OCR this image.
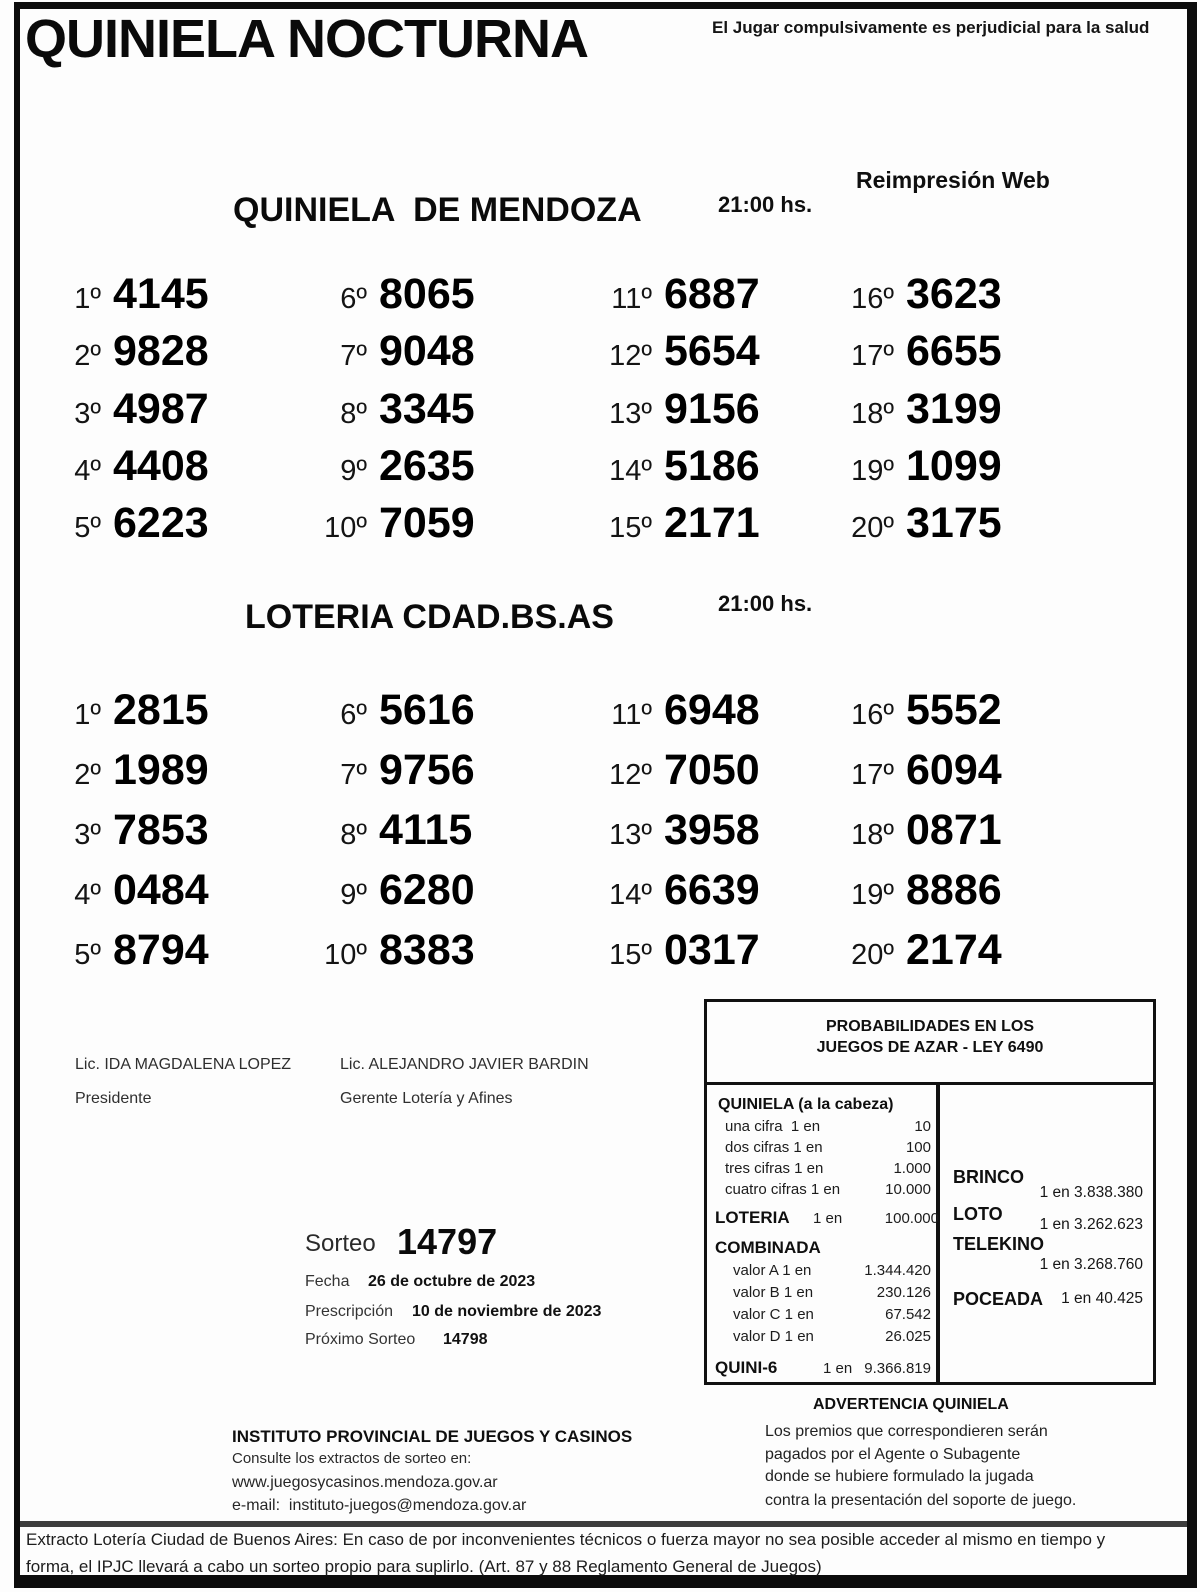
QUINIELA NOCTURNA	El Jugar compulsivamente es perjudicial para la salud
Reimpresión Web
QUINIELA  DE MENDOZA	21:00 hs.
1º 4145
2º 9828
3º 4987
4º 4408
5º 6223
6º 8065
7º 9048
8º 3345
9º 2635
10º 7059
11º 6887
12º 5654
13º 9156
14º 5186
15º 2171
16º 3623
17º 6655
18º 3199
19º 1099
20º 3175
LOTERIA CDAD.BS.AS	21:00 hs.
1º 2815
2º 1989
3º 7853
4º 0484
5º 8794
6º 5616
7º 9756
8º 4115
9º 6280
10º 8383
11º 6948
12º 7050
13º 3958
14º 6639
15º 0317
16º 5552
17º 6094
18º 0871
19º 8886
20º 2174
Lic. IDA MAGDALENA LOPEZ
Presidente
Lic. ALEJANDRO JAVIER BARDIN
Gerente Lotería y Afines
Sorteo 14797
Fecha 26 de octubre de 2023
Prescripción 10 de noviembre de 2023
Próximo Sorteo 14798
PROBABILIDADES EN LOS
JUEGOS DE AZAR - LEY 6490
QUINIELA (a la cabeza)
una cifra  1 en	10
dos cifras 1 en	100
tres cifras 1 en	1.000
cuatro cifras 1 en	10.000
LOTERIA 1 en	100.000
COMBINADA
valor A 1 en	1.344.420
valor B 1 en	230.126
valor C 1 en	67.542
valor D 1 en	26.025
QUINI-6	1 en 9.366.819
BRINCO
1 en 3.838.380
LOTO
1 en 3.262.623
TELEKINO
1 en 3.268.760
POCEADA	1 en 40.425
ADVERTENCIA QUINIELA
Los premios que correspondieren serán
pagados por el Agente o Subagente
donde se hubiere formulado la jugada
contra la presentación del soporte de juego.
INSTITUTO PROVINCIAL DE JUEGOS Y CASINOS
Consulte los extractos de sorteo en:
www.juegosycasinos.mendoza.gov.ar
e-mail: instituto-juegos@mendoza.gov.ar
Extracto Lotería Ciudad de Buenos Aires: En caso de por inconvenientes técnicos o fuerza mayor no sea posible acceder al mismo en tiempo y
forma, el IPJC llevará a cabo un sorteo propio para suplirlo. (Art. 87 y 88 Reglamento General de Juegos)
